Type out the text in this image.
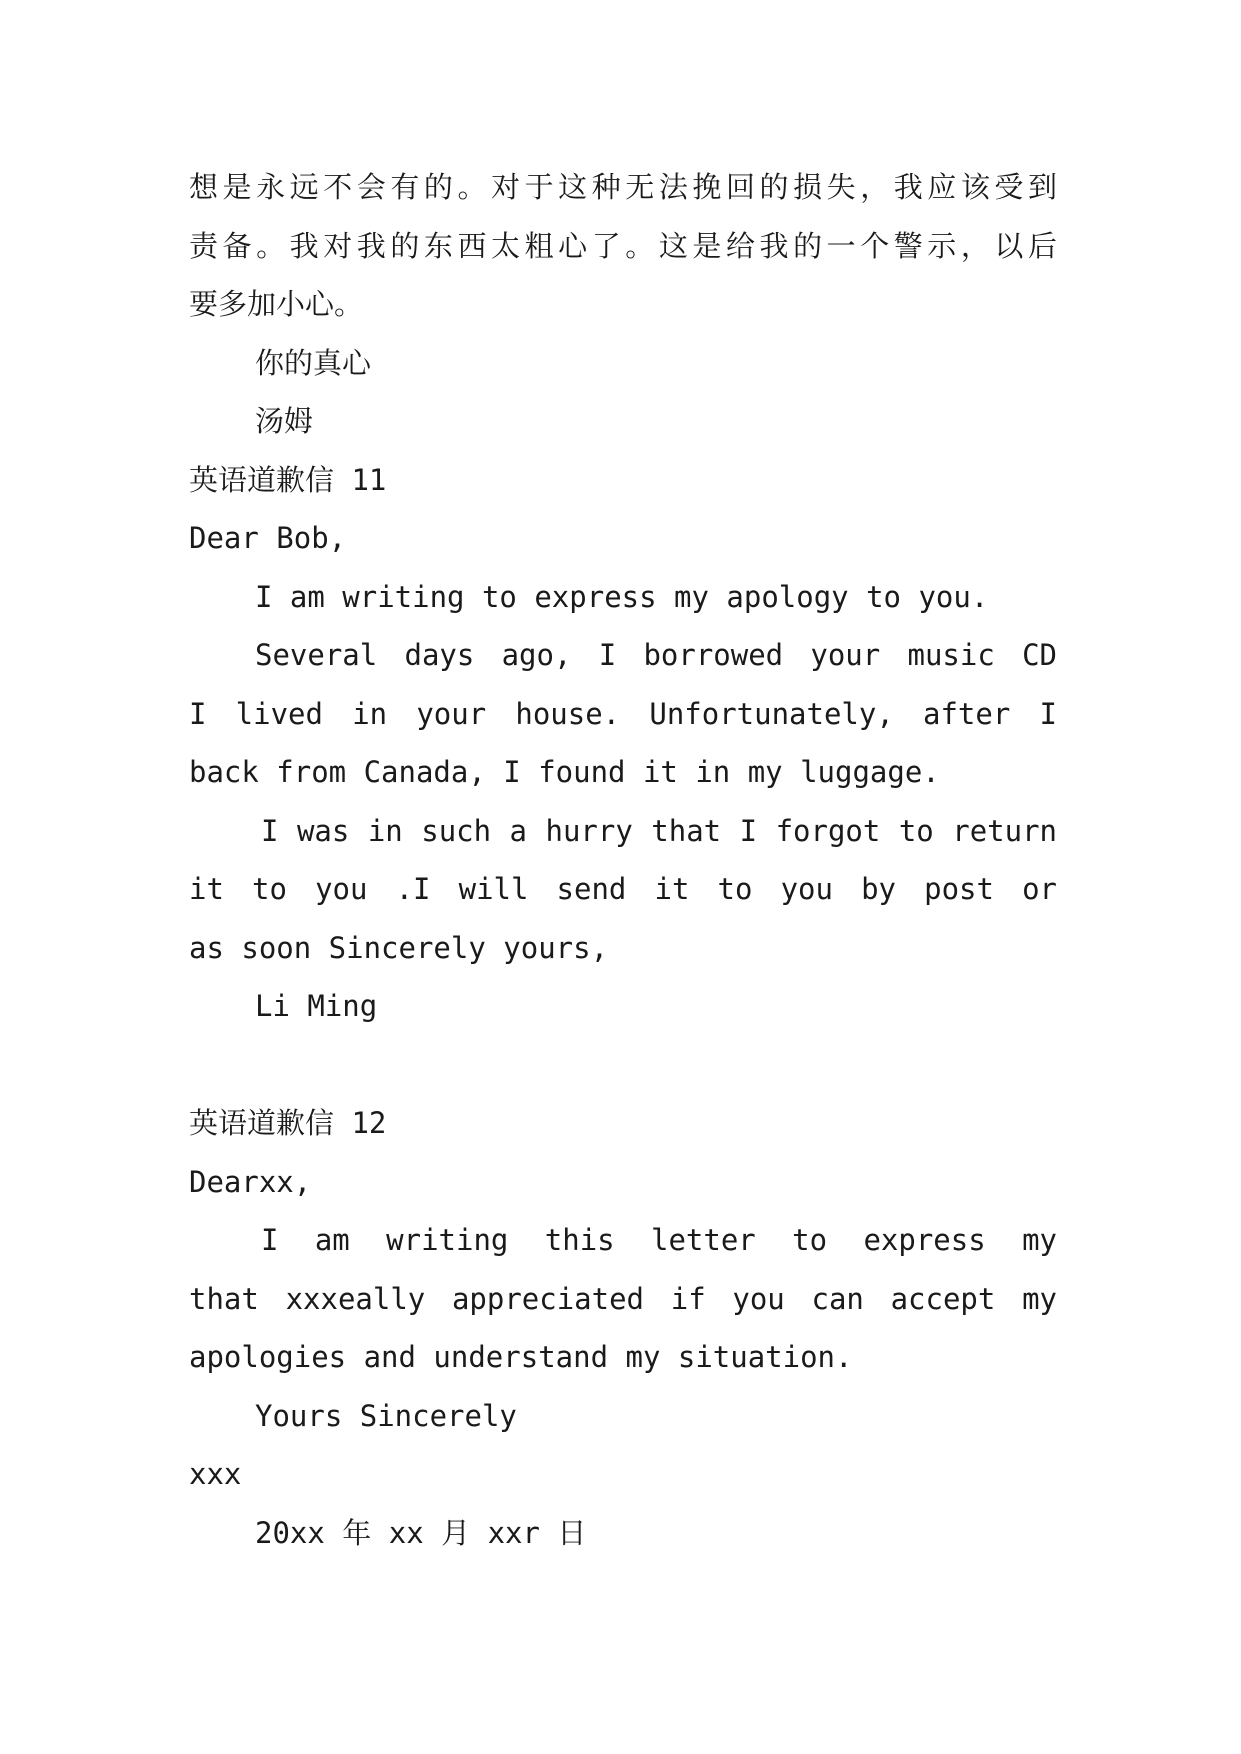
想是永远不会有的。对于这种无法挽回的损失，我应该受到
责备。我对我的东西太粗心了。这是给我的一个警示，以后
要多加小心。
你的真心
汤姆
英语道歉信 11
Dear Bob,
I am writing to express my apology to you.
Several days ago, I borrowed your music CD
I lived in your house. Unfortunately, after I
back from Canada, I found it in my luggage.
I was in such a hurry that I forgot to return
it to you .I will send it to you by post or
as soon Sincerely yours,
Li Ming
英语道歉信 12
Dearxx,
I am writing this letter to express my
that xxxeally appreciated if you can accept my
apologies and understand my situation.
Yours Sincerely
xxx
20xx 年 xx 月 xxr 日
